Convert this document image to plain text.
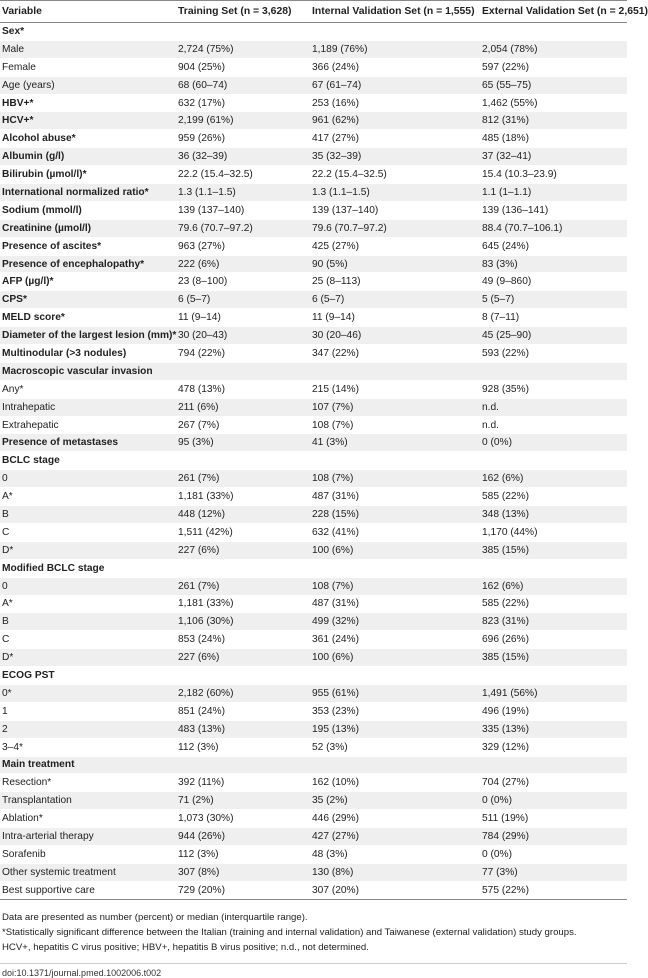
Variable	Training Set (n = 3,628)	Internal Validation Set (n = 1,555)	External Validation Set (n = 2,651)
Sex*			
Male	2,724 (75%)	1,189 (76%)	2,054 (78%)
Female	904 (25%)	366 (24%)	597 (22%)
Age (years)	68 (60–74)	67 (61–74)	65 (55–75)
HBV+*	632 (17%)	253 (16%)	1,462 (55%)
HCV+*	2,199 (61%)	961 (62%)	812 (31%)
Alcohol abuse*	959 (26%)	417 (27%)	485 (18%)
Albumin (g/l)	36 (32–39)	35 (32–39)	37 (32–41)
Bilirubin (µmol/l)*	22.2 (15.4–32.5)	22.2 (15.4–32.5)	15.4 (10.3–23.9)
International normalized ratio*	1.3 (1.1–1.5)	1.3 (1.1–1.5)	1.1 (1–1.1)
Sodium (mmol/l)	139 (137–140)	139 (137–140)	139 (136–141)
Creatinine (µmol/l)	79.6 (70.7–97.2)	79.6 (70.7–97.2)	88.4 (70.7–106.1)
Presence of ascites*	963 (27%)	425 (27%)	645 (24%)
Presence of encephalopathy*	222 (6%)	90 (5%)	83 (3%)
AFP (µg/l)*	23 (8–100)	25 (8–113)	49 (9–860)
CPS*	6 (5–7)	6 (5–7)	5 (5–7)
MELD score*	11 (9–14)	11 (9–14)	8 (7–11)
Diameter of the largest lesion (mm)*	30 (20–43)	30 (20–46)	45 (25–90)
Multinodular (>3 nodules)	794 (22%)	347 (22%)	593 (22%)
Macroscopic vascular invasion			
Any*	478 (13%)	215 (14%)	928 (35%)
Intrahepatic	211 (6%)	107 (7%)	n.d.
Extrahepatic	267 (7%)	108 (7%)	n.d.
Presence of metastases	95 (3%)	41 (3%)	0 (0%)
BCLC stage			
0	261 (7%)	108 (7%)	162 (6%)
A*	1,181 (33%)	487 (31%)	585 (22%)
B	448 (12%)	228 (15%)	348 (13%)
C	1,511 (42%)	632 (41%)	1,170 (44%)
D*	227 (6%)	100 (6%)	385 (15%)
Modified BCLC stage			
0	261 (7%)	108 (7%)	162 (6%)
A*	1,181 (33%)	487 (31%)	585 (22%)
B	1,106 (30%)	499 (32%)	823 (31%)
C	853 (24%)	361 (24%)	696 (26%)
D*	227 (6%)	100 (6%)	385 (15%)
ECOG PST			
0*	2,182 (60%)	955 (61%)	1,491 (56%)
1	851 (24%)	353 (23%)	496 (19%)
2	483 (13%)	195 (13%)	335 (13%)
3–4*	112 (3%)	52 (3%)	329 (12%)
Main treatment			
Resection*	392 (11%)	162 (10%)	704 (27%)
Transplantation	71 (2%)	35 (2%)	0 (0%)
Ablation*	1,073 (30%)	446 (29%)	511 (19%)
Intra-arterial therapy	944 (26%)	427 (27%)	784 (29%)
Sorafenib	112 (3%)	48 (3%)	0 (0%)
Other systemic treatment	307 (8%)	130 (8%)	77 (3%)
Best supportive care	729 (20%)	307 (20%)	575 (22%)

Data are presented as number (percent) or median (interquartile range).

*Statistically significant difference between the Italian (training and internal validation) and Taiwanese (external validation) study groups.

HCV+, hepatitis C virus positive; HBV+, hepatitis B virus positive; n.d., not determined.

doi:10.1371/journal.pmed.1002006.t002
